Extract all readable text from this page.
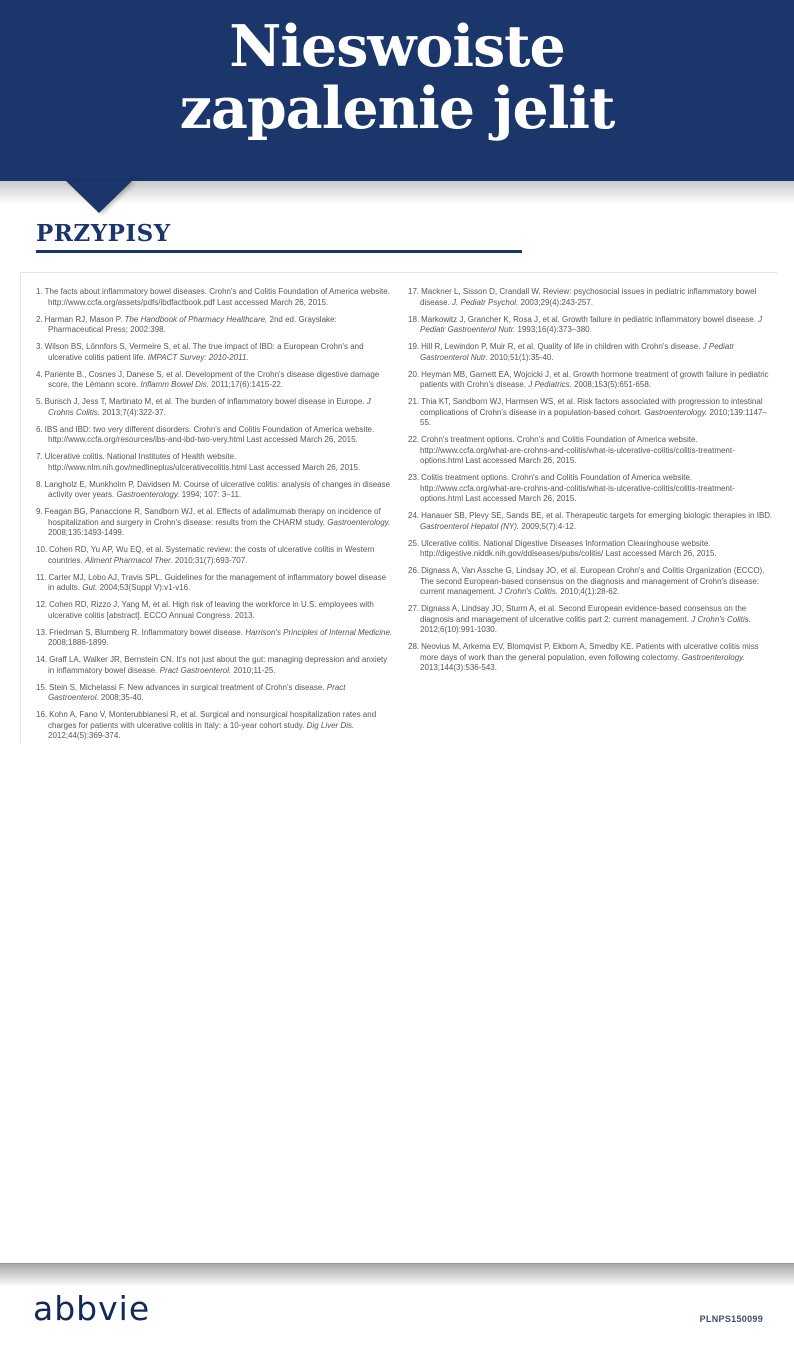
Nieswoiste
zapalenie jelit
PRZYPISY

1. The facts about inflammatory bowel diseases. Crohn's and Colitis Foundation of America website. http://www.ccfa.org/assets/pdfs/ibdfactbook.pdf Last accessed March 26, 2015.

2. Harman RJ, Mason P. The Handbook of Pharmacy Healthcare, 2nd ed. Grayslake: Pharmaceutical Press; 2002:398.

3. Wilson BS, Lönnfors S, Vermeire S, et al. The true impact of IBD: a European Crohn's and ulcerative colitis patient life. IMPACT Survey: 2010-2011.

4. Pariente B., Cosnes J, Danese S, et al. Development of the Crohn's disease digestive damage score, the Lémann score. Inflamm Bowel Dis. 2011;17(6):1415-22.

5. Burisch J, Jess T, Martinato M, et al. The burden of inflammatory bowel disease in Europe. J Crohns Colitis. 2013;7(4):322-37.

6. IBS and IBD: two very different disorders. Crohn's and Colitis Foundation of America website. http://www.ccfa.org/resources/ibs-and-ibd-two-very.html Last accessed March 26, 2015.

7. Ulcerative colitis. National Institutes of Health website. http://www.nlm.nih.gov/medlineplus/ulcerativecolitis.html Last accessed March 26, 2015.

8. Langholz E, Munkholm P, Davidsen M. Course of ulcerative colitis: analysis of changes in disease activity over years. Gastroenterology. 1994; 107: 3–11.

9. Feagan BG, Panaccione R, Sandborn WJ, et al. Effects of adalimumab therapy on incidence of hospitalization and surgery in Crohn's disease: results from the CHARM study. Gastroenterology. 2008;135:1493-1499.

10. Cohen RD, Yu AP, Wu EQ, et al. Systematic review: the costs of ulcerative colitis in Western countries. Aliment Pharmacol Ther. 2010;31(7):693-707.

11. Carter MJ, Lobo AJ, Travis SPL. Guidelines for the management of inflammatory bowel disease in adults. Gut. 2004;53(Suppl V):v1-v16.

12. Cohen RD, Rizzo J, Yang M, et al. High risk of leaving the workforce in U.S. employees with ulcerative colitis [abstract]. ECCO Annual Congress. 2013.

13. Friedman S, Blumberg R. Inflammatory bowel disease. Harrison's Principles of Internal Medicine. 2008;1886-1899.

14. Graff LA, Walker JR, Bernstein CN. It's not just about the gut: managing depression and anxiety in inflammatory bowel disease. Pract Gastroenterol. 2010;11-25.

15. Stein S, Michelassi F. New advances in surgical treatment of Crohn's disease. Pract Gastroenterol. 2008;35-40.

16. Kohn A, Fano V, Monterubbianesi R, et al. Surgical and nonsurgical hospitalization rates and charges for patients with ulcerative colitis in Italy: a 10-year cohort study. Dig Liver Dis. 2012;44(5):369-374.

17. Mackner L, Sisson D, Crandall W. Review: psychosocial issues in pediatric inflammatory bowel disease. J. Pediatr Psychol. 2003;29(4):243-257.

18. Markowitz J, Grancher K, Rosa J, et al. Growth failure in pediatric inflammatory bowel disease. J Pediatr Gastroenterol Nutr. 1993;16(4):373–380.

19. Hill R, Lewindon P, Muir R, et al. Quality of life in children with Crohn's disease. J Pediatr Gastroenterol Nutr. 2010;51(1):35-40.

20. Heyman MB, Garnett EA, Wojcicki J, et al. Growth hormone treatment of growth failure in pediatric patients with Crohn's disease. J Pediatrics. 2008;153(5):651-658.

21. Thia KT, Sandborn WJ, Harmsen WS, et al. Risk factors associated with progression to intestinal complications of Crohn's disease in a population-based cohort. Gastroenterology. 2010;139:1147–55.

22. Crohn's treatment options. Crohn's and Colitis Foundation of America website. http://www.ccfa.org/what-are-crohns-and-colitis/what-is-ulcerative-colitis/colitis-treatment-options.html Last accessed March 26, 2015.

23. Colitis treatment options. Crohn's and Colitis Foundation of America website. http://www.ccfa.org/what-are-crohns-and-colitis/what-is-ulcerative-colitis/colitis-treatment-options.html Last accessed March 26, 2015.

24. Hanauer SB, Plevy SE, Sands BE, et al. Therapeutic targets for emerging biologic therapies in IBD. Gastroenterol Hepatol (NY). 2009;5(7):4-12.

25. Ulcerative colitis. National Digestive Diseases Information Clearinghouse website. http://digestive.niddk.nih.gov/ddiseases/pubs/colitis/ Last accessed March 26, 2015.

26. Dignass A, Van Assche G, Lindsay JO, et al. European Crohn's and Colitis Organization (ECCO). The second European-based consensus on the diagnosis and management of Crohn's disease: current management. J Crohn's Colitis. 2010;4(1):28-62.

27. Dignass A, Lindsay JO, Sturm A, et al. Second European evidence-based consensus on the diagnosis and management of ulcerative colitis part 2: current management. J Crohn's Colitis. 2012;6(10):991-1030.

28. Neovius M, Arkema EV, Blomqvist P, Ekbom A, Smedby KE. Patients with ulcerative colitis miss more days of work than the general population, even following colectomy. Gastroenterology. 2013;144(3):536-543.

abbvie	PLNPS150099
